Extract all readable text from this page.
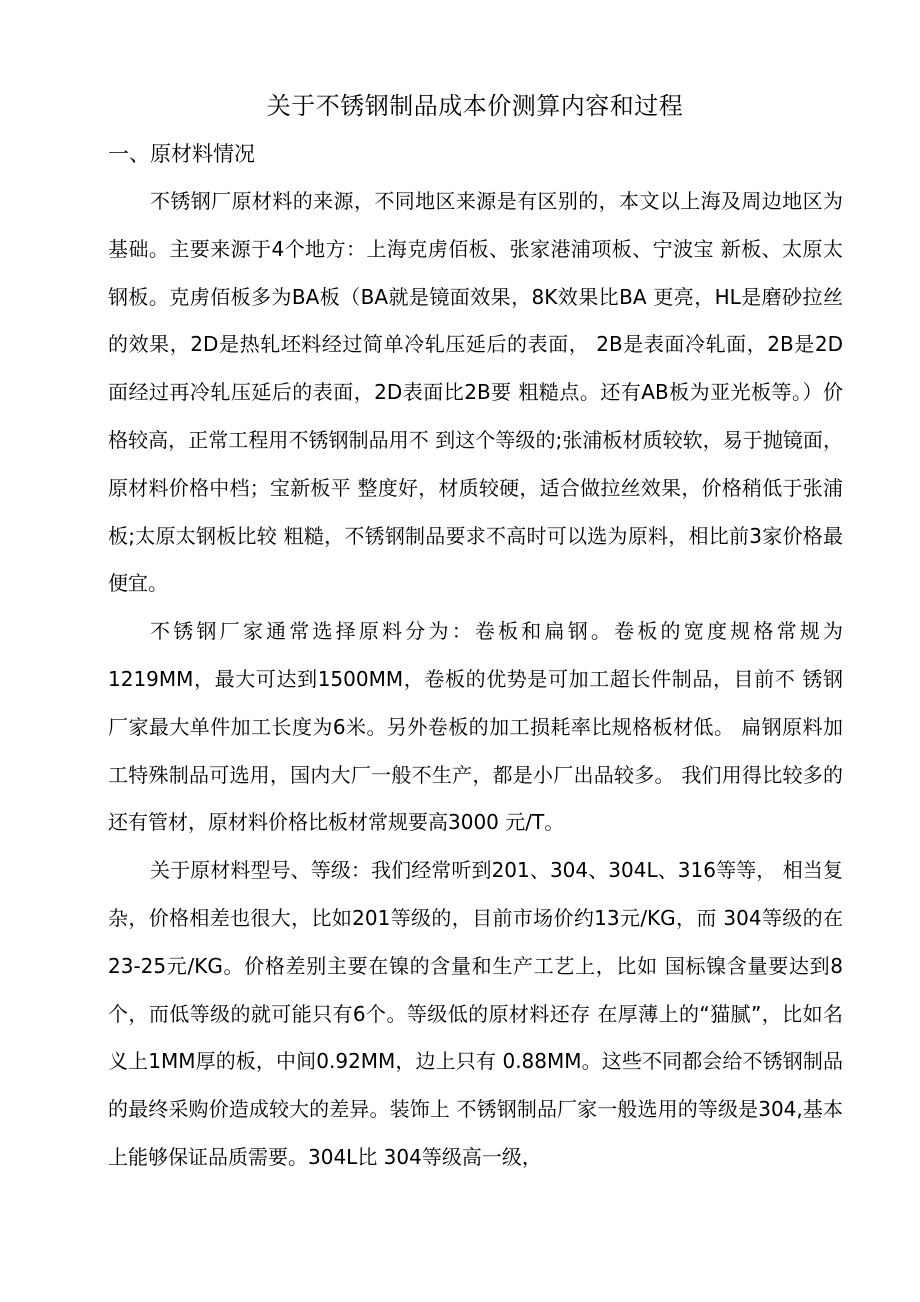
关于不锈钢制品成本价测算内容和过程
一、原材料情况

不锈钢厂原材料的来源，不同地区来源是有区别的，本文以上海及周边地区为基础。主要来源于4个地方：上海克虏佰板、张家港浦项板、宁波宝 新板、太原太钢板。克虏佰板多为BA板（BA就是镜面效果，8K效果比BA 更亮，HL是磨砂拉丝的效果，2D是热轧坯料经过简单冷轧压延后的表面， 2B是表面冷轧面，2B是2D面经过再冷轧压延后的表面，2D表面比2B要 粗糙点。还有AB板为亚光板等。）价格较高，正常工程用不锈钢制品用不 到这个等级的;张浦板材质较软，易于抛镜面，原材料价格中档；宝新板平 整度好，材质较硬，适合做拉丝效果，价格稍低于张浦板;太原太钢板比较 粗糙，不锈钢制品要求不高时可以选为原料，相比前3家价格最便宜。

不锈钢厂家通常选择原料分为：卷板和扁钢。卷板的宽度规格常规为1219MM，最大可达到1500MM，卷板的优势是可加工超长件制品，目前不 锈钢厂家最大单件加工长度为6米。另外卷板的加工损耗率比规格板材低。 扁钢原料加工特殊制品可选用，国内大厂一般不生产，都是小厂出品较多。 我们用得比较多的还有管材，原材料价格比板材常规要高3000 元/T。

关于原材料型号、等级：我们经常听到201、304、304L、316等等， 相当复杂，价格相差也很大，比如201等级的，目前市场价约13元/KG，而 304等级的在23-25元/KG。价格差别主要在镍的含量和生产工艺上，比如 国标镍含量要达到8个，而低等级的就可能只有6个。等级低的原材料还存 在厚薄上的“猫腻”，比如名义上1MM厚的板，中间0.92MM，边上只有 0.88MM。这些不同都会给不锈钢制品的最终采购价造成较大的差异。装饰上 不锈钢制品厂家一般选用的等级是304,基本上能够保证品质需要。304L比 304等级高一级，
